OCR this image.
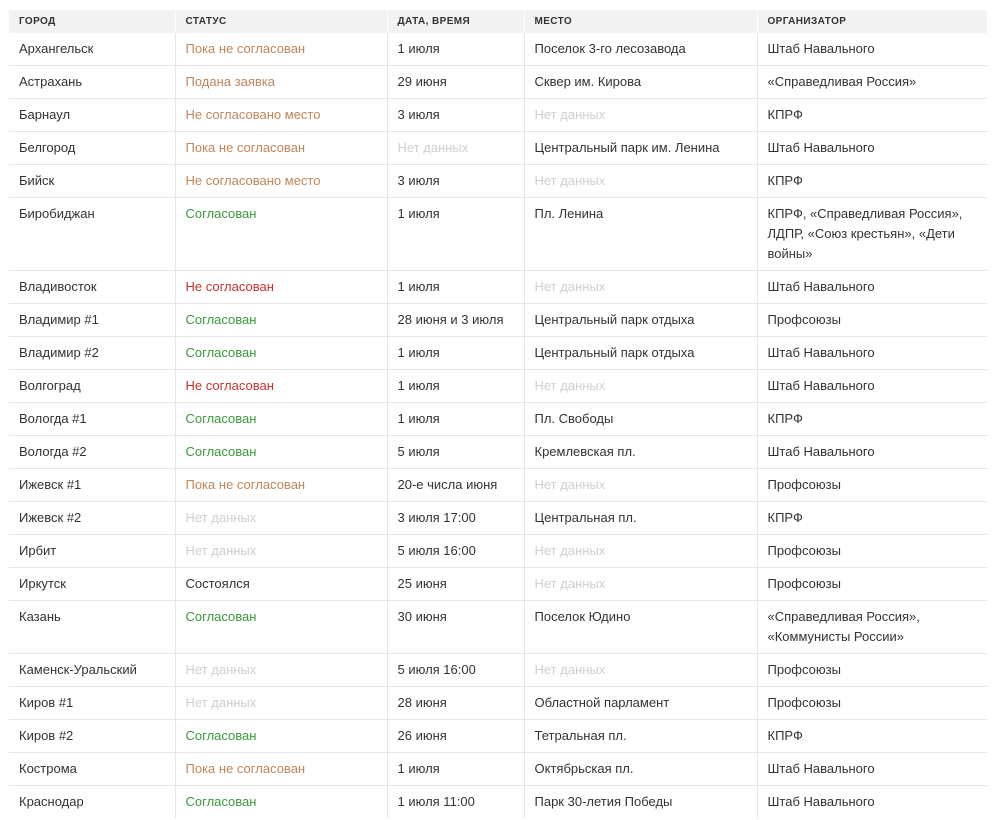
ГОРОД	СТАТУС	ДАТА, ВРЕМЯ	МЕСТО	ОРГАНИЗАТОР
Архангельск	Пока не согласован	1 июля	Поселок 3-го лесозавода	Штаб Навального
Астрахань	Подана заявка	29 июня	Сквер им. Кирова	«Справедливая Россия»
Барнаул	Не согласовано место	3 июля	Нет данных	КПРФ
Белгород	Пока не согласован	Нет данных	Центральный парк им. Ленина	Штаб Навального
Бийск	Не согласовано место	3 июля	Нет данных	КПРФ
Биробиджан	Согласован	1 июля	Пл. Ленина	КПРФ, «Справедливая Россия», ЛДПР, «Союз крестьян», «Дети войны»
Владивосток	Не согласован	1 июля	Нет данных	Штаб Навального
Владимир #1	Согласован	28 июня и 3 июля	Центральный парк отдыха	Профсоюзы
Владимир #2	Согласован	1 июля	Центральный парк отдыха	Штаб Навального
Волгоград	Не согласован	1 июля	Нет данных	Штаб Навального
Вологда #1	Согласован	1 июля	Пл. Свободы	КПРФ
Вологда #2	Согласован	5 июля	Кремлевская пл.	Штаб Навального
Ижевск #1	Пока не согласован	20-е числа июня	Нет данных	Профсоюзы
Ижевск #2	Нет данных	3 июля 17:00	Центральная пл.	КПРФ
Ирбит	Нет данных	5 июля 16:00	Нет данных	Профсоюзы
Иркутск	Состоялся	25 июня	Нет данных	Профсоюзы
Казань	Согласован	30 июня	Поселок Юдино	«Справедливая Россия», «Коммунисты России»
Каменск-Уральский	Нет данных	5 июля 16:00	Нет данных	Профсоюзы
Киров #1	Нет данных	28 июня	Областной парламент	Профсоюзы
Киров #2	Согласован	26 июня	Тетральная пл.	КПРФ
Кострома	Пока не согласован	1 июля	Октябрьская пл.	Штаб Навального
Краснодар	Согласован	1 июля 11:00	Парк 30-летия Победы	Штаб Навального
